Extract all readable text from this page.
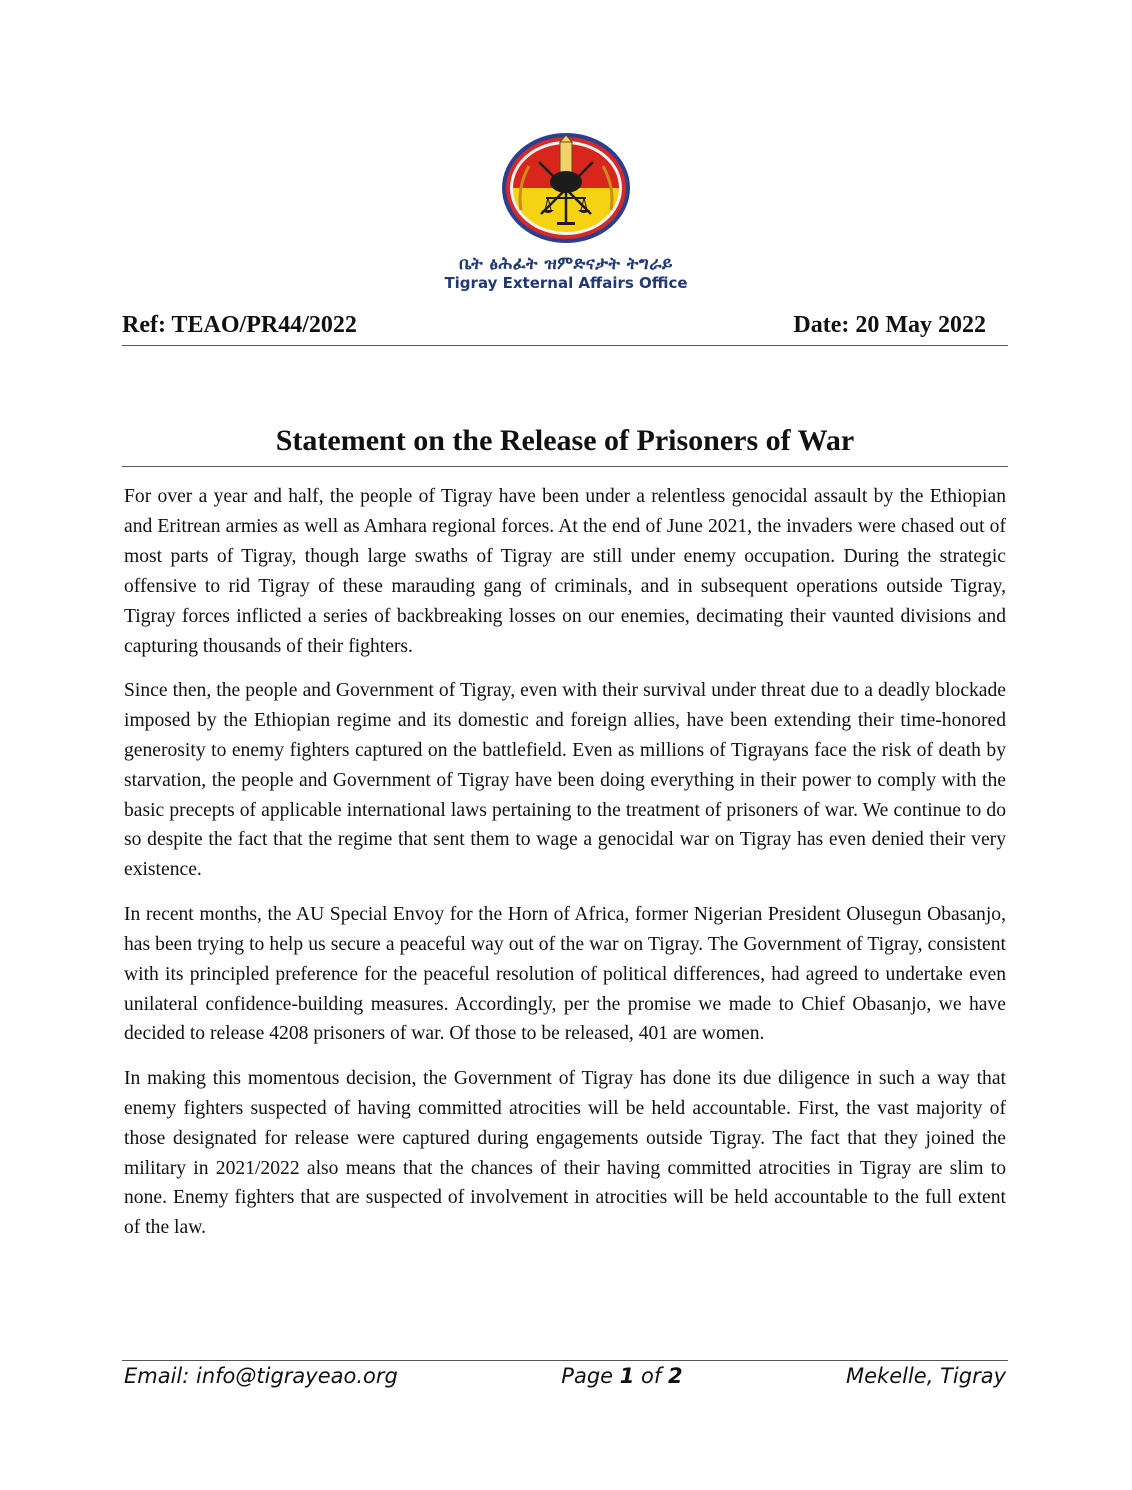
ቤት ፅሕፈት ዝምድናታት ትግራይ
Tigray External Affairs Office
Ref: TEAO/PR44/2022	Date: 20 May 2022
Statement on the Release of Prisoners of War

For over a year and half, the people of Tigray have been under a relentless genocidal assault by the Ethiopian and Eritrean armies as well as Amhara regional forces. At the end of June 2021, the invaders were chased out of most parts of Tigray, though large swaths of Tigray are still under enemy occupation. During the strategic offensive to rid Tigray of these marauding gang of criminals, and in subsequent operations outside Tigray, Tigray forces inflicted a series of backbreaking losses on our enemies, decimating their vaunted divisions and capturing thousands of their fighters.

Since then, the people and Government of Tigray, even with their survival under threat due to a deadly blockade imposed by the Ethiopian regime and its domestic and foreign allies, have been extending their time-honored generosity to enemy fighters captured on the battlefield. Even as millions of Tigrayans face the risk of death by starvation, the people and Government of Tigray have been doing everything in their power to comply with the basic precepts of applicable international laws pertaining to the treatment of prisoners of war. We continue to do so despite the fact that the regime that sent them to wage a genocidal war on Tigray has even denied their very existence.

In recent months, the AU Special Envoy for the Horn of Africa, former Nigerian President Olusegun Obasanjo, has been trying to help us secure a peaceful way out of the war on Tigray. The Government of Tigray, consistent with its principled preference for the peaceful resolution of political differences, had agreed to undertake even unilateral confidence-building measures. Accordingly, per the promise we made to Chief Obasanjo, we have decided to release 4208 prisoners of war. Of those to be released, 401 are women.

In making this momentous decision, the Government of Tigray has done its due diligence in such a way that enemy fighters suspected of having committed atrocities will be held accountable. First, the vast majority of those designated for release were captured during engagements outside Tigray. The fact that they joined the military in 2021/2022 also means that the chances of their having committed atrocities in Tigray are slim to none. Enemy fighters that are suspected of involvement in atrocities will be held accountable to the full extent of the law.

Email: info@tigrayeao.org	Page 1 of 2	Mekelle, Tigray
